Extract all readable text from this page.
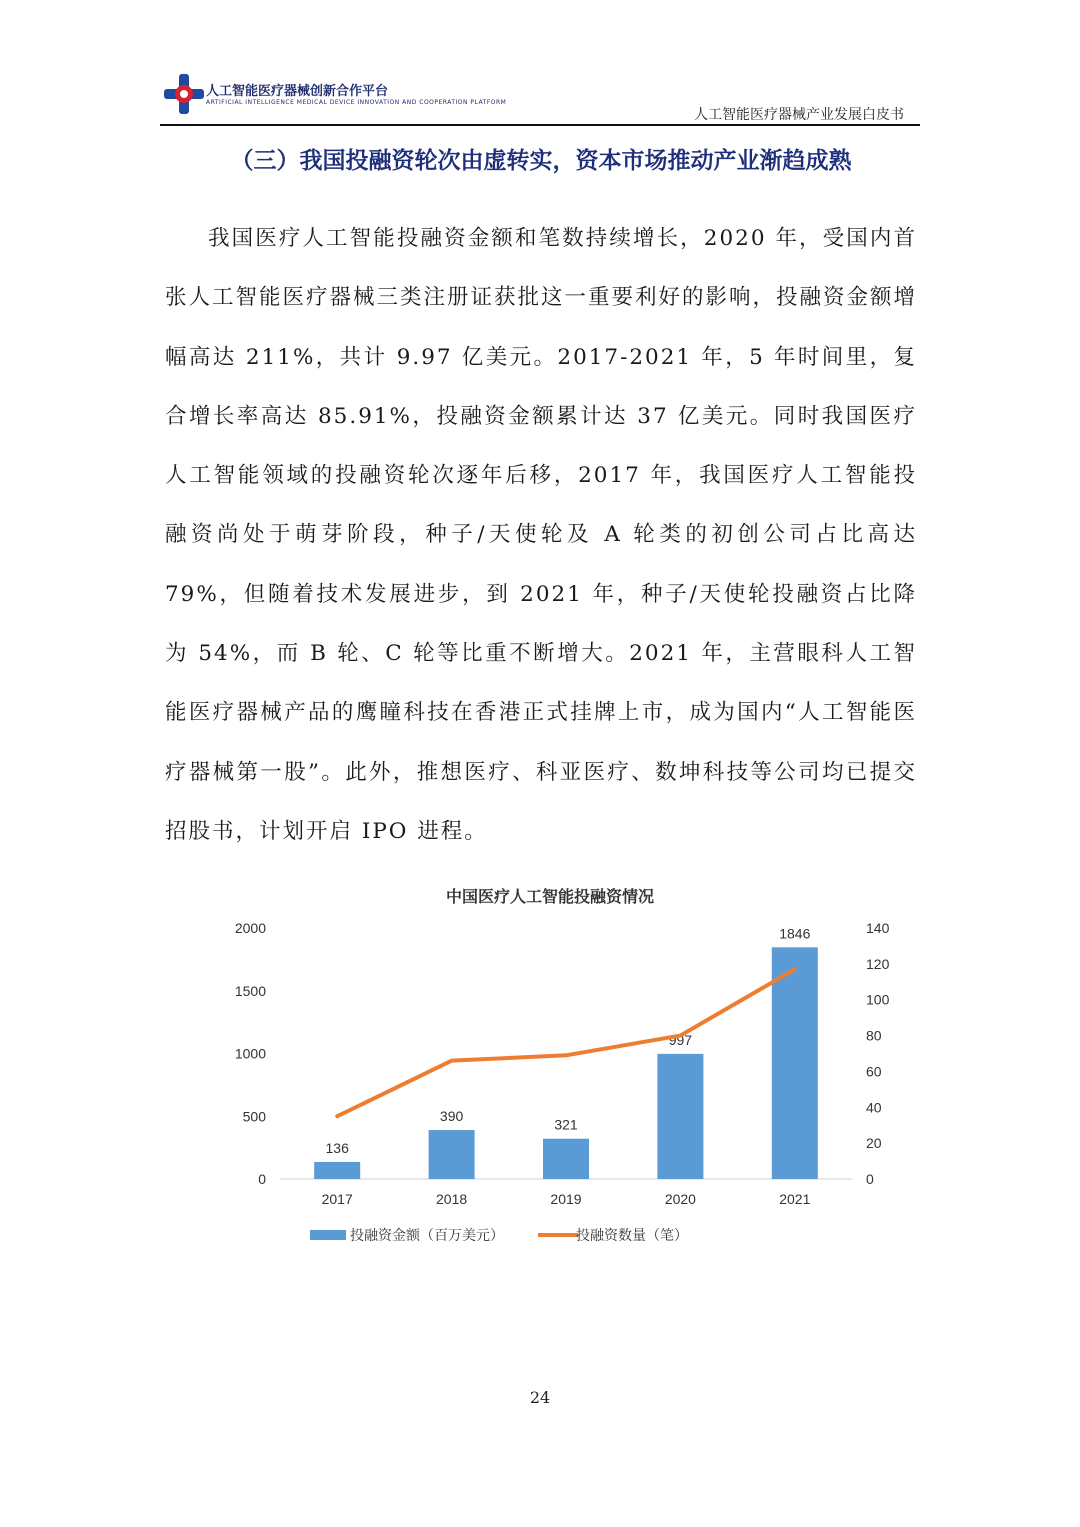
人工智能医疗器械创新合作平台
ARTIFICIAL INTELLIGENCE MEDICAL DEVICE INNOVATION AND COOPERATION PLATFORM
人工智能医疗器械产业发展白皮书
（三）我国投融资轮次由虚转实，资本市场推动产业渐趋成熟
我国医疗人工智能投融资金额和笔数持续增长，2020 年，受国内首张人工智能医疗器械三类注册证获批这一重要利好的影响，投融资金额增幅高达 211%，共计 9.97 亿美元。2017-2021 年，5 年时间里，复合增长率高达 85.91%，投融资金额累计达 37 亿美元。同时我国医疗人工智能领域的投融资轮次逐年后移，2017 年，我国医疗人工智能投融资尚处于萌芽阶段，种子/天使轮及 A 轮类的初创公司占比高达 79%，但随着技术发展进步，到 2021 年，种子/天使轮投融资占比降为 54%，而 B 轮、C 轮等比重不断增大。2021 年，主营眼科人工智能医疗器械产品的鹰瞳科技在香港正式挂牌上市，成为国内“人工智能医疗器械第一股”。此外，推想医疗、科亚医疗、数坤科技等公司均已提交招股书，计划开启 IPO 进程。
中国医疗人工智能投融资情况
0
500
1000
1500
2000
0
20
40
60
80
100
120
140
136
2017
390
2018
321
2019
997
2020
1846
2021
投融资金额（百万美元）	投融资数量（笔）
24
